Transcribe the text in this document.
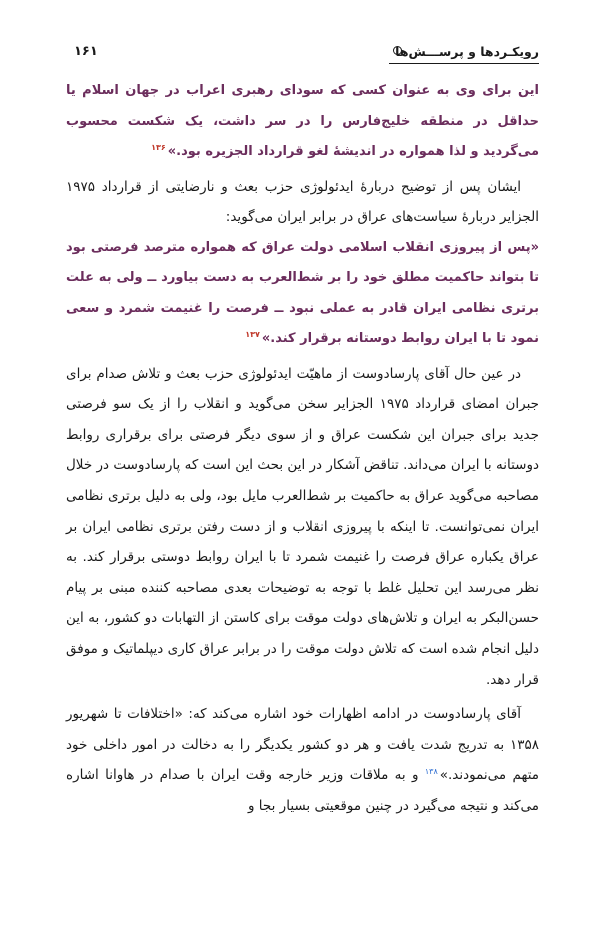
رویکـردها و پرســـش‌ها
۱۶۱

این برای وی به عنوان کسی که سودای رهبری اعراب در جهان اسلام یا حداقل در منطقه خلیج‌فارس را در سر داشت، یک شکست محسوب می‌گردید و لذا همواره در اندیشهٔ لغو قرارداد الجزیره بود.»$^{۱۳۶}$

ایشان پس از توضیح دربارهٔ ایدئولوژی حزب بعث و نارضایتی از قرارداد ۱۹۷۵ الجزایر دربارهٔ سیاست‌های عراق در برابر ایران می‌گوید:

«پس از پیروزی انقلاب اسلامی دولت عراق که همواره مترصد فرصتی بود تا بتواند حاکمیت مطلق خود را بر شط‌العرب به دست بیاورد ــ ولی به علت برتری نظامی ایران قادر به عملی نبود ــ فرصت را غنیمت شمرد و سعی نمود تا با ایران روابط دوستانه برقرار کند.»$^{۱۳۷}$

در عین حال آقای پارسادوست از ماهیّت ایدئولوژی حزب بعث و تلاش صدام برای جبران امضای قرارداد ۱۹۷۵ الجزایر سخن می‌گوید و انقلاب را از یک سو فرصتی جدید برای جبران این شکست عراق و از سوی دیگر فرصتی برای برقراری روابط دوستانه با ایران می‌داند. تناقض آشکار در این بحث این است که پارسادوست در خلال مصاحبه می‌گوید عراق به حاکمیت بر شط‌العرب مایل بود، ولی به دلیل برتری نظامی ایران نمی‌توانست. تا اینکه با پیروزی انقلاب و از دست رفتن برتری نظامی ایران بر عراق یکباره عراق فرصت را غنیمت شمرد تا با ایران روابط دوستی برقرار کند. به نظر می‌رسد این تحلیل غلط با توجه به توضیحات بعدی مصاحبه کننده مبنی بر پیام حسن‌البکر به ایران و تلاش‌های دولت موقت برای کاستن از التهابات دو کشور، به این دلیل انجام شده است که تلاش دولت موقت را در برابر عراق کاری دیپلماتیک و موفق قرار دهد.

آقای پارسادوست در ادامه اظهارات خود اشاره می‌کند که: «اختلافات تا شهریور ۱۳۵۸ به تدریج شدت یافت و هر دو کشور یکدیگر را به دخالت در امور داخلی خود متهم می‌نمودند.»$^{۱۳۸}$ و به ملاقات وزیر خارجه وقت ایران با صدام در هاوانا اشاره می‌کند و نتیجه می‌گیرد در چنین موقعیتی بسیار بجا و
